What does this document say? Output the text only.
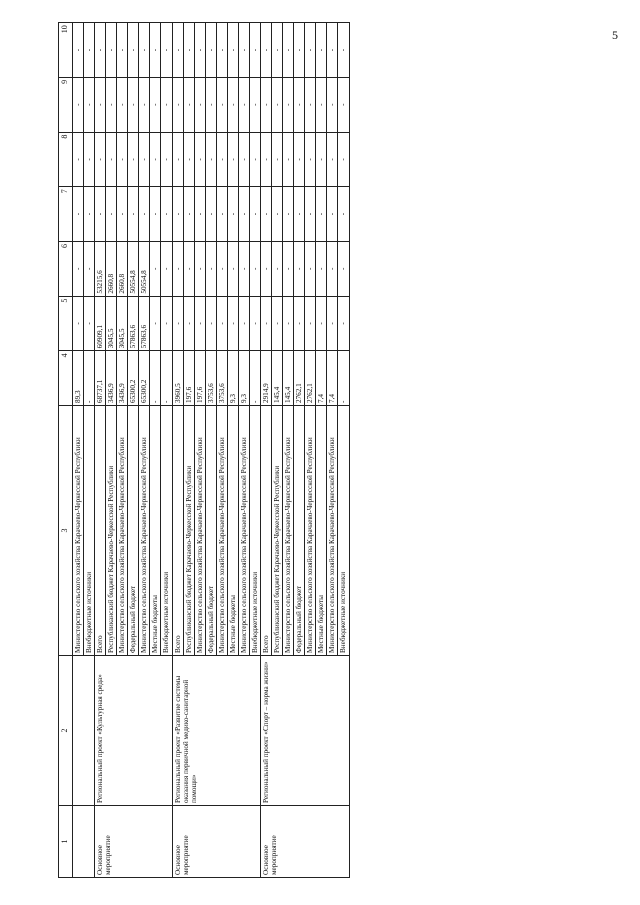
5
1	2	3	4	5	6	7	8	9	10
		Министерство сельского хозяйства Карачаево-Черкесской Республики	89,3	-	-	-	-	-	-
		Внебюджетные источники	-	-	-	-	-	-	-
Основное мероприятие	Региональный проект «Культурная среда»	Всего	68737,1	60909,1	53215,6	-	-	-	-
		Республиканский бюджет Карачаево-Черкесской Республики	3436,9	3045,5	2660,8	-	-	-	-
		Министерство сельского хозяйства Карачаево-Черкесской Республики	3436,9	3045,5	2660,8	-	-	-	-
		Федеральный бюджет	65300,2	57863,6	50554,8	-	-	-	-
		Министерство сельского хозяйства Карачаево-Черкесской Республики	65300,2	57863,6	50554,8	-	-	-	-
		Местные бюджеты	-	-	-	-	-	-	-
		Внебюджетные источники	-	-	-	-	-	-	-
Основное мероприятие	Региональный проект «Развитие системы оказания первичной медико-санитарной помощи»	Всего	3960,5	-	-	-	-	-	-
		Республиканский бюджет Карачаево-Черкесской Республики	197,6	-	-	-	-	-	-
		Министерство сельского хозяйства Карачаево-Черкесской Республики	197,6	-	-	-	-	-	-
		Федеральный бюджет	3753,6	-	-	-	-	-	-
		Министерство сельского хозяйства Карачаево-Черкесской Республики	3753,6	-	-	-	-	-	-
		Местные бюджеты	9,3	-	-	-	-	-	-
		Министерство сельского хозяйства Карачаево-Черкесской Республики	9,3	-	-	-	-	-	-
		Внебюджетные источники	-	-	-	-	-	-	-
Основное мероприятие	Региональный проект «Спорт – норма жизни»	Всего	2914,9	-	-	-	-	-	-
		Республиканский бюджет Карачаево-Черкесской Республики	145,4	-	-	-	-	-	-
		Министерство сельского хозяйства Карачаево-Черкесской Республики	145,4	-	-	-	-	-	-
		Федеральный бюджет	2762,1	-	-	-	-	-	-
		Министерство сельского хозяйства Карачаево-Черкесской Республики	2762,1	-	-	-	-	-	-
		Местные бюджеты	7,4	-	-	-	-	-	-
		Министерство сельского хозяйства Карачаево-Черкесской Республики	7,4	-	-	-	-	-	-
		Внебюджетные источники	-	-	-	-	-	-	-
